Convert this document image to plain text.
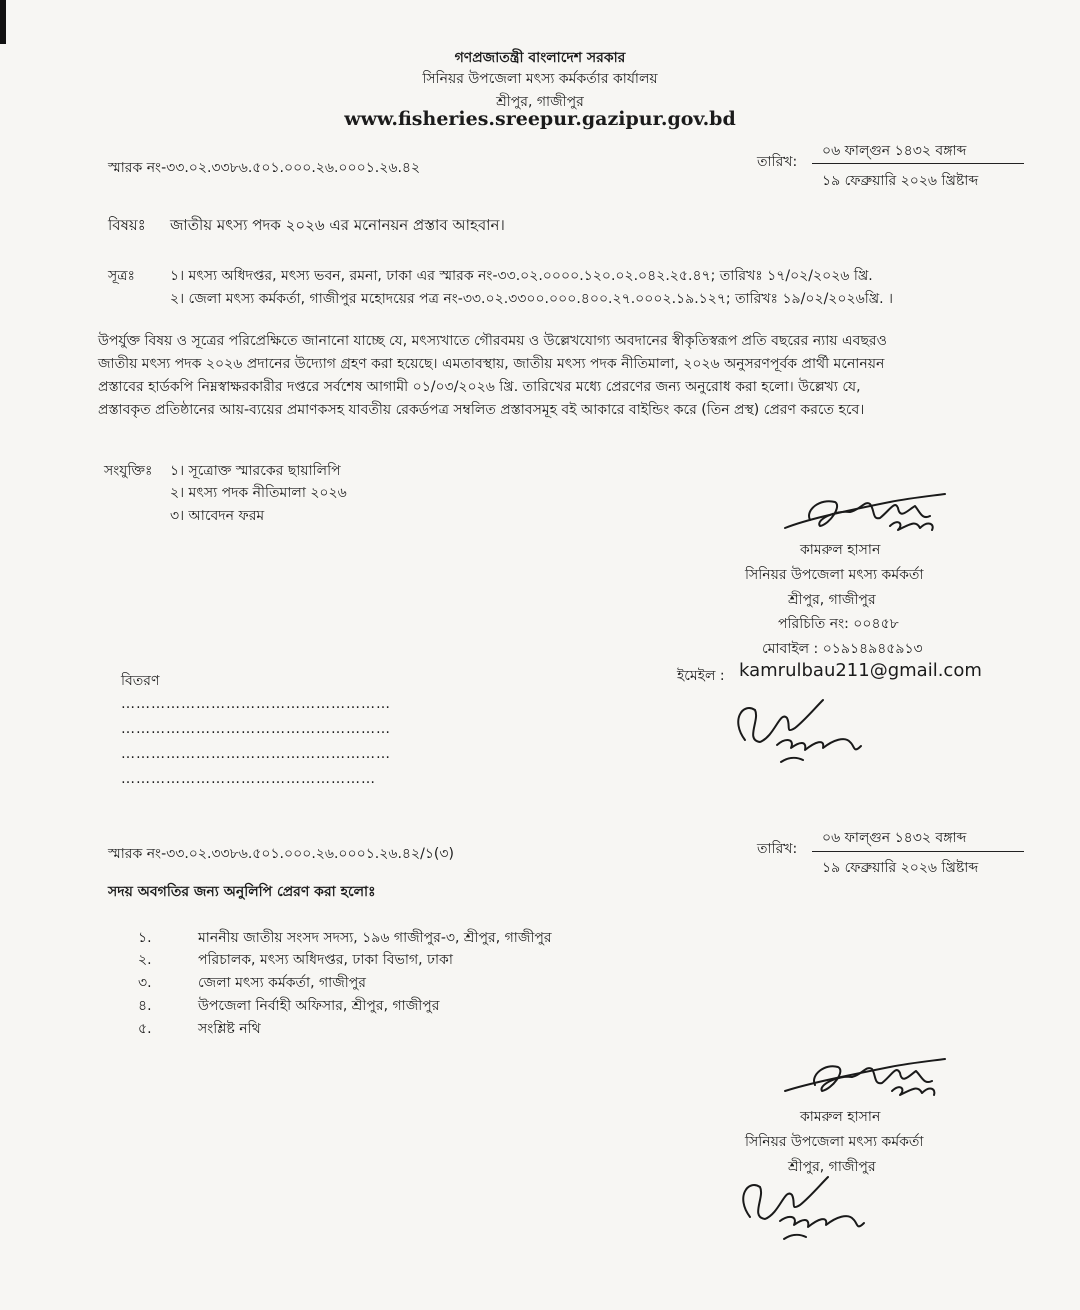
গণপ্রজাতন্ত্রী বাংলাদেশ সরকার
সিনিয়র উপজেলা মৎস্য কর্মকর্তার কার্যালয়
শ্রীপুর, গাজীপুর
www.fisheries.sreepur.gazipur.gov.bd
স্মারক নং-৩৩.০২.৩৩৮৬.৫০১.০০০.২৬.০০০১.২৬.৪২	তারিখ:
০৬ ফাল্গুন ১৪৩২ বঙ্গাব্দ
১৯ ফেব্রুয়ারি ২০২৬ খ্রিষ্টাব্দ
বিষয়ঃ জাতীয় মৎস্য পদক ২০২৬ এর মনোনয়ন প্রস্তাব আহবান।
সূত্রঃ	১। মৎস্য অধিদপ্তর, মৎস্য ভবন, রমনা, ঢাকা এর স্মারক নং-৩৩.০২.০০০০.১২০.০২.০৪২.২৫.৪৭; তারিখঃ ১৭/০২/২০২৬ খ্রি.
২। জেলা মৎস্য কর্মকর্তা, গাজীপুর মহোদয়ের পত্র নং-৩৩.০২.৩৩০০.০০০.৪০০.২৭.০০০২.১৯.১২৭; তারিখঃ ১৯/০২/২০২৬খ্রি. ।
উপর্যুক্ত বিষয় ও সূত্রের পরিপ্রেক্ষিতে জানানো যাচ্ছে যে, মৎস্যখাতে গৌরবময় ও উল্লেখযোগ্য অবদানের স্বীকৃতিস্বরূপ প্রতি বছরের ন্যায় এবছরও
জাতীয় মৎস্য পদক ২০২৬ প্রদানের উদ্যোগ গ্রহণ করা হয়েছে। এমতাবস্থায়, জাতীয় মৎস্য পদক নীতিমালা, ২০২৬ অনুসরণপূর্বক প্রার্থী মনোনয়ন
প্রস্তাবের হার্ডকপি নিম্নস্বাক্ষরকারীর দপ্তরে সর্বশেষ আগামী ০১/০৩/২০২৬ খ্রি. তারিখের মধ্যে প্রেরণের জন্য অনুরোধ করা হলো। উল্লেখ্য যে,
প্রস্তাবকৃত প্রতিষ্ঠানের আয়-ব্যয়ের প্রমাণকসহ যাবতীয় রেকর্ডপত্র সম্বলিত প্রস্তাবসমূহ বই আকারে বাইন্ডিং করে (তিন প্রস্থ) প্রেরণ করতে হবে।
সংযুক্তিঃ ১। সূত্রোক্ত স্মারকের ছায়ালিপি
২। মৎস্য পদক নীতিমালা ২০২৬
৩। আবেদন ফরম
কামরুল হাসান
সিনিয়র উপজেলা মৎস্য কর্মকর্তা
শ্রীপুর, গাজীপুর
পরিচিতি নং: ০০৪৫৮
মোবাইল : ০১৯১৪৯৪৫৯১৩
ইমেইল : kamrulbau211@gmail.com
বিতরণ
………………………………………………
………………………………………………
………………………………………………
……………………………………………
স্মারক নং-৩৩.০২.৩৩৮৬.৫০১.০০০.২৬.০০০১.২৬.৪২/১(৩)	তারিখ:
০৬ ফাল্গুন ১৪৩২ বঙ্গাব্দ
১৯ ফেব্রুয়ারি ২০২৬ খ্রিষ্টাব্দ
সদয় অবগতির জন্য অনুলিপি প্রেরণ করা হলোঃ
১.	মাননীয় জাতীয় সংসদ সদস্য, ১৯৬ গাজীপুর-৩, শ্রীপুর, গাজীপুর
২.	পরিচালক, মৎস্য অধিদপ্তর, ঢাকা বিভাগ, ঢাকা
৩.	জেলা মৎস্য কর্মকর্তা, গাজীপুর
৪.	উপজেলা নির্বাহী অফিসার, শ্রীপুর, গাজীপুর
৫.	সংশ্লিষ্ট নথি
কামরুল হাসান
সিনিয়র উপজেলা মৎস্য কর্মকর্তা
শ্রীপুর, গাজীপুর
